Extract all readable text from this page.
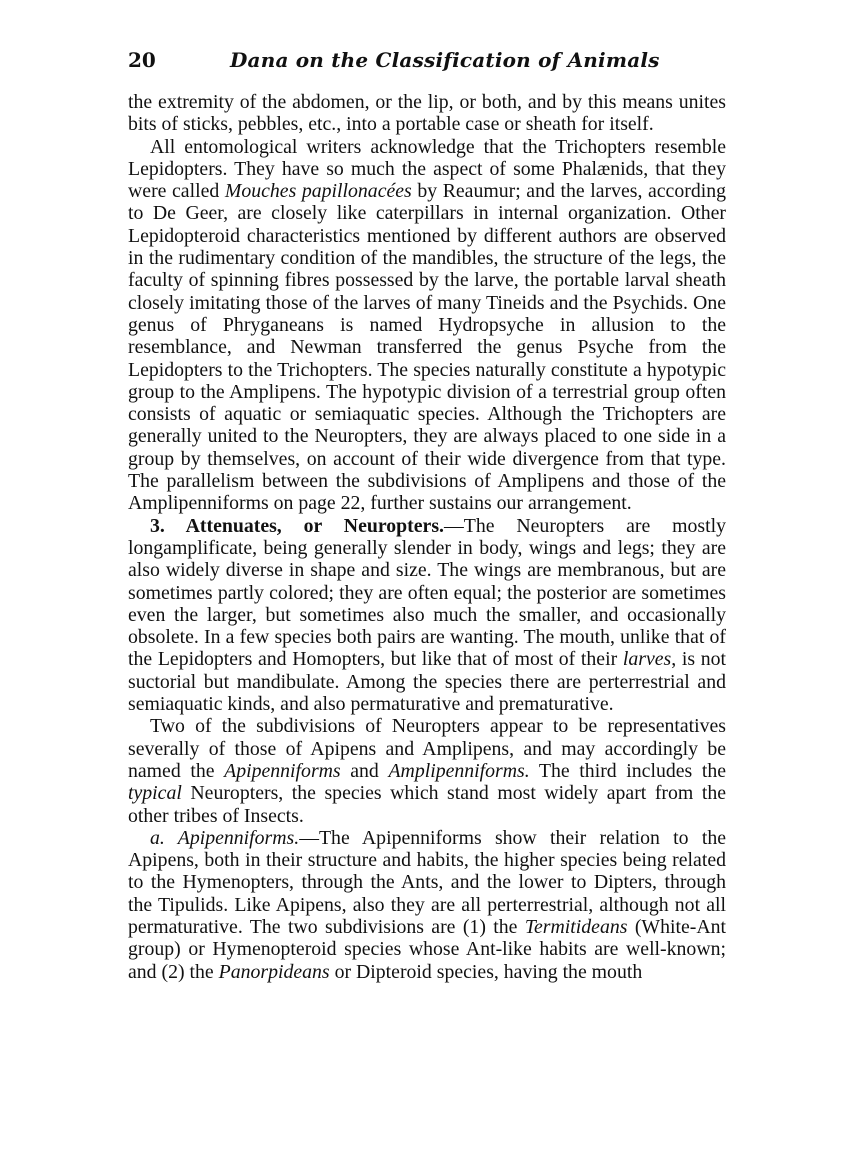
20	Dana on the Classification of Animals

the extremity of the abdomen, or the lip, or both, and by this means unites bits of sticks, pebbles, etc., into a portable case or sheath for itself.

All entomological writers acknowledge that the Trichopters resemble Lepidopters. They have so much the aspect of some Phalænids, that they were called Mouches papillonacées by Reaumur; and the larves, according to De Geer, are closely like caterpillars in internal organization. Other Lepidopteroid characteristics mentioned by different authors are observed in the rudimentary condition of the mandibles, the structure of the legs, the faculty of spinning fibres possessed by the larve, the portable larval sheath closely imitating those of the larves of many Tineids and the Psychids. One genus of Phryganeans is named Hydropsyche in allusion to the resemblance, and Newman transferred the genus Psyche from the Lepidopters to the Trichopters. The species naturally constitute a hypotypic group to the Amplipens. The hypotypic division of a terrestrial group often consists of aquatic or semiaquatic species. Although the Trichopters are generally united to the Neuropters, they are always placed to one side in a group by themselves, on account of their wide divergence from that type. The parallelism between the subdivisions of Amplipens and those of the Amplipenniforms on page 22, further sustains our arrangement.

3. Attenuates, or Neuropters.—The Neuropters are mostly longamplificate, being generally slender in body, wings and legs; they are also widely diverse in shape and size. The wings are membranous, but are sometimes partly colored; they are often equal; the posterior are sometimes even the larger, but sometimes also much the smaller, and occasionally obsolete. In a few species both pairs are wanting. The mouth, unlike that of the Lepidopters and Homopters, but like that of most of their larves, is not suctorial but mandibulate. Among the species there are perterrestrial and semiaquatic kinds, and also permaturative and prematurative.

Two of the subdivisions of Neuropters appear to be representatives severally of those of Apipens and Amplipens, and may accordingly be named the Apipenniforms and Amplipenniforms. The third includes the typical Neuropters, the species which stand most widely apart from the other tribes of Insects.

a. Apipenniforms.—The Apipenniforms show their relation to the Apipens, both in their structure and habits, the higher species being related to the Hymenopters, through the Ants, and the lower to Dipters, through the Tipulids. Like Apipens, also they are all perterrestrial, although not all permaturative. The two subdivisions are (1) the Termitideans (White-Ant group) or Hymenopteroid species whose Ant-like habits are well-known; and (2) the Panorpideans or Dipteroid species, having the mouth
